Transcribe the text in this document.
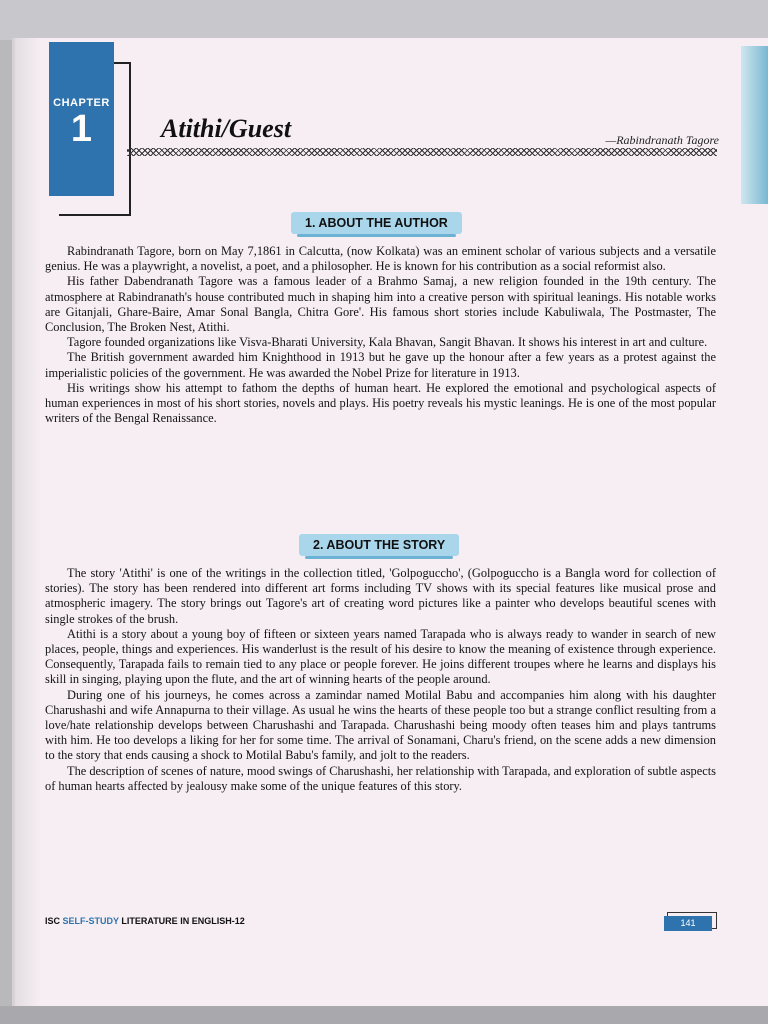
CHAPTER
1	Atithi/Guest	—Rabindranath Tagore
1. ABOUT THE AUTHOR

Rabindranath Tagore, born on May 7,1861 in Calcutta, (now Kolkata) was an eminent scholar of various subjects and a versatile genius. He was a playwright, a novelist, a poet, and a philosopher. He is known for his contribution as a social reformist also.

His father Dabendranath Tagore was a famous leader of a Brahmo Samaj, a new religion founded in the 19th century. The atmosphere at Rabindranath's house contributed much in shaping him into a creative person with spiritual leanings. His notable works are Gitanjali, Ghare-Baire, Amar Sonal Bangla, Chitra Gore'. His famous short stories include Kabuliwala, The Postmaster, The Conclusion, The Broken Nest, Atithi.

Tagore founded organizations like Visva-Bharati University, Kala Bhavan, Sangit Bhavan. It shows his interest in art and culture.

The British government awarded him Knighthood in 1913 but he gave up the honour after a few years as a protest against the imperialistic policies of the government. He was awarded the Nobel Prize for literature in 1913.

His writings show his attempt to fathom the depths of human heart. He explored the emotional and psychological aspects of human experiences in most of his short stories, novels and plays. His poetry reveals his mystic leanings. He is one of the most popular writers of the Bengal Renaissance.

2. ABOUT THE STORY

The story 'Atithi' is one of the writings in the collection titled, 'Golpoguccho', (Golpoguccho is a Bangla word for collection of stories). The story has been rendered into different art forms including TV shows with its special features like musical prose and atmospheric imagery. The story brings out Tagore's art of creating word pictures like a painter who develops beautiful scenes with single strokes of the brush.

Atithi is a story about a young boy of fifteen or sixteen years named Tarapada who is always ready to wander in search of new places, people, things and experiences. His wanderlust is the result of his desire to know the meaning of existence through experience. Consequently, Tarapada fails to remain tied to any place or people forever. He joins different troupes where he learns and displays his skill in singing, playing upon the flute, and the art of winning hearts of the people around.

During one of his journeys, he comes across a zamindar named Motilal Babu and accompanies him along with his daughter Charushashi and wife Annapurna to their village. As usual he wins the hearts of these people too but a strange conflict resulting from a love/hate relationship develops between Charushashi and Tarapada. Charushashi being moody often teases him and plays tantrums with him. He too develops a liking for her for some time. The arrival of Sonamani, Charu's friend, on the scene adds a new dimension to the story that ends causing a shock to Motilal Babu's family, and jolt to the readers.

The description of scenes of nature, mood swings of Charushashi, her relationship with Tarapada, and exploration of subtle aspects of human hearts affected by jealousy make some of the unique features of this story.

ISC SELF-STUDY LITERATURE IN ENGLISH-12	141
